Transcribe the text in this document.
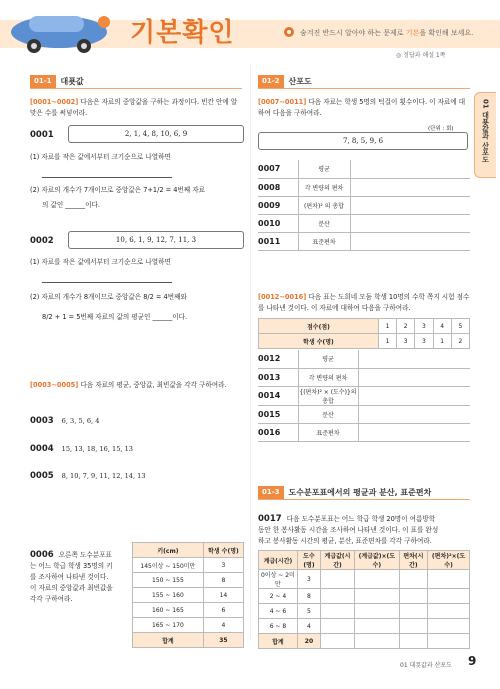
기본확인	숨겨진 반드시 알아야 하는 문제로 기본을 확인해 보세요.
◎ 정답과 해설 1쪽
01 대푯값과 산포도
01-1	대푯값
[0001~0002] 다음은 자료의 중앙값을 구하는 과정이다. 빈칸 안에 알맞은 수를 써넣어라.
0001	2, 1, 4, 8, 10, 6, 9
(1) 자료를 작은 값에서부터 크기순으로 나열하면
(2) 자료의 개수가 7개이므로 중앙값은 7+1/2 = 4번째 자료
의 값인 ______이다.
0002	10, 6, 1, 9, 12, 7, 11, 3
(1) 자료를 작은 값에서부터 크기순으로 나열하면
(2) 자료의 개수가 8개이므로 중앙값은 8/2 = 4번째와
8/2 + 1 = 5번째 자료의 값의 평균인 ______이다.
[0003~0005] 다음 자료의 평균, 중앙값, 최빈값을 각각 구하여라.
0003 6, 3, 5, 6, 4
0004 15, 13, 18, 16, 15, 13
0005 8, 10, 7, 9, 11, 12, 14, 13
0006 오른쪽 도수분포표
는 어느 학급 학생 35명의 키
를 조사하여 나타낸 것이다.
이 자료의 중앙값과 최빈값을
각각 구하여라.
키(cm)	학생 수(명)
145이상 ~ 150미만	3
150 ~ 155	8
155 ~ 160	14
160 ~ 165	6
165 ~ 170	4
합계	35
01-2	산포도
[0007~0011] 다음 자료는 학생 5명의 턱걸이 횟수이다. 이 자료에 대하여 다음을 구하여라.
(단위 : 회)
7, 8, 5, 9, 6
0007	평균	
0008	각 변량의 편차	
0009	(편차)² 의 총합	
0010	분산	
0011	표준편차	
[0012~0016] 다음 표는 도희네 모둠 학생 10명의 수학 쪽지 시험 점수를 나타낸 것이다. 이 자료에 대하여 다음을 구하여라.
점수(점)	1	2	3	4	5
학생 수(명)	1	3	3	1	2
0012	평균	
0013	각 변량의 편차	
0014	{(편차)² × (도수)}의 총합	
0015	분산	
0016	표준편차	
01-3	도수분포표에서의 평균과 분산, 표준편차
0017 다음 도수분포표는 어느 학급 학생 20명이 여름방학
동안 한 봉사활동 시간을 조사하여 나타낸 것이다. 이 표를 완성
하고 봉사활동 시간의 평균, 분산, 표준편차를 각각 구하여라.
계급(시간)	도수(명)	계급값(시간)	(계급값)×(도수)	편차(시간)	(편차)²×(도수)
0이상 ~ 2미만	3				
2 ~ 4	8				
4 ~ 6	5				
6 ~ 8	4				
합계	20				
01 대푯값과 산포도 9
